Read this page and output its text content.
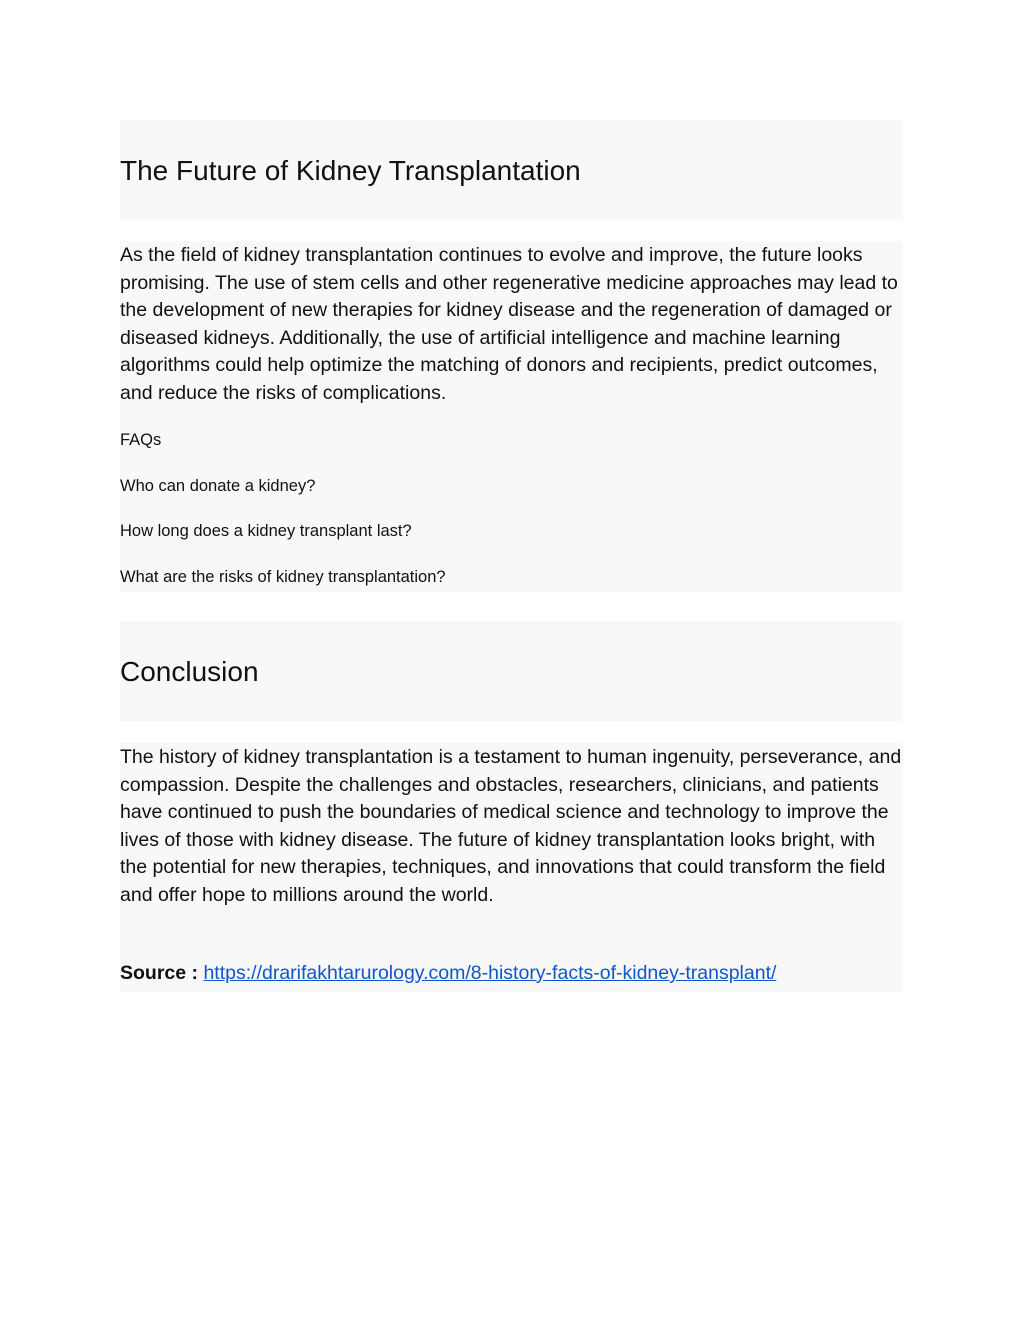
The Future of Kidney Transplantation

As the field of kidney transplantation continues to evolve and improve, the future looks promising. The use of stem cells and other regenerative medicine approaches may lead to the development of new therapies for kidney disease and the regeneration of damaged or diseased kidneys. Additionally, the use of artificial intelligence and machine learning algorithms could help optimize the matching of donors and recipients, predict outcomes, and reduce the risks of complications.

FAQs

Who can donate a kidney?

How long does a kidney transplant last?

What are the risks of kidney transplantation?

Conclusion

The history of kidney transplantation is a testament to human ingenuity, perseverance, and compassion. Despite the challenges and obstacles, researchers, clinicians, and patients have continued to push the boundaries of medical science and technology to improve the lives of those with kidney disease. The future of kidney transplantation looks bright, with the potential for new therapies, techniques, and innovations that could transform the field and offer hope to millions around the world.

Source : https://drarifakhtarurology.com/8-history-facts-of-kidney-transplant/
